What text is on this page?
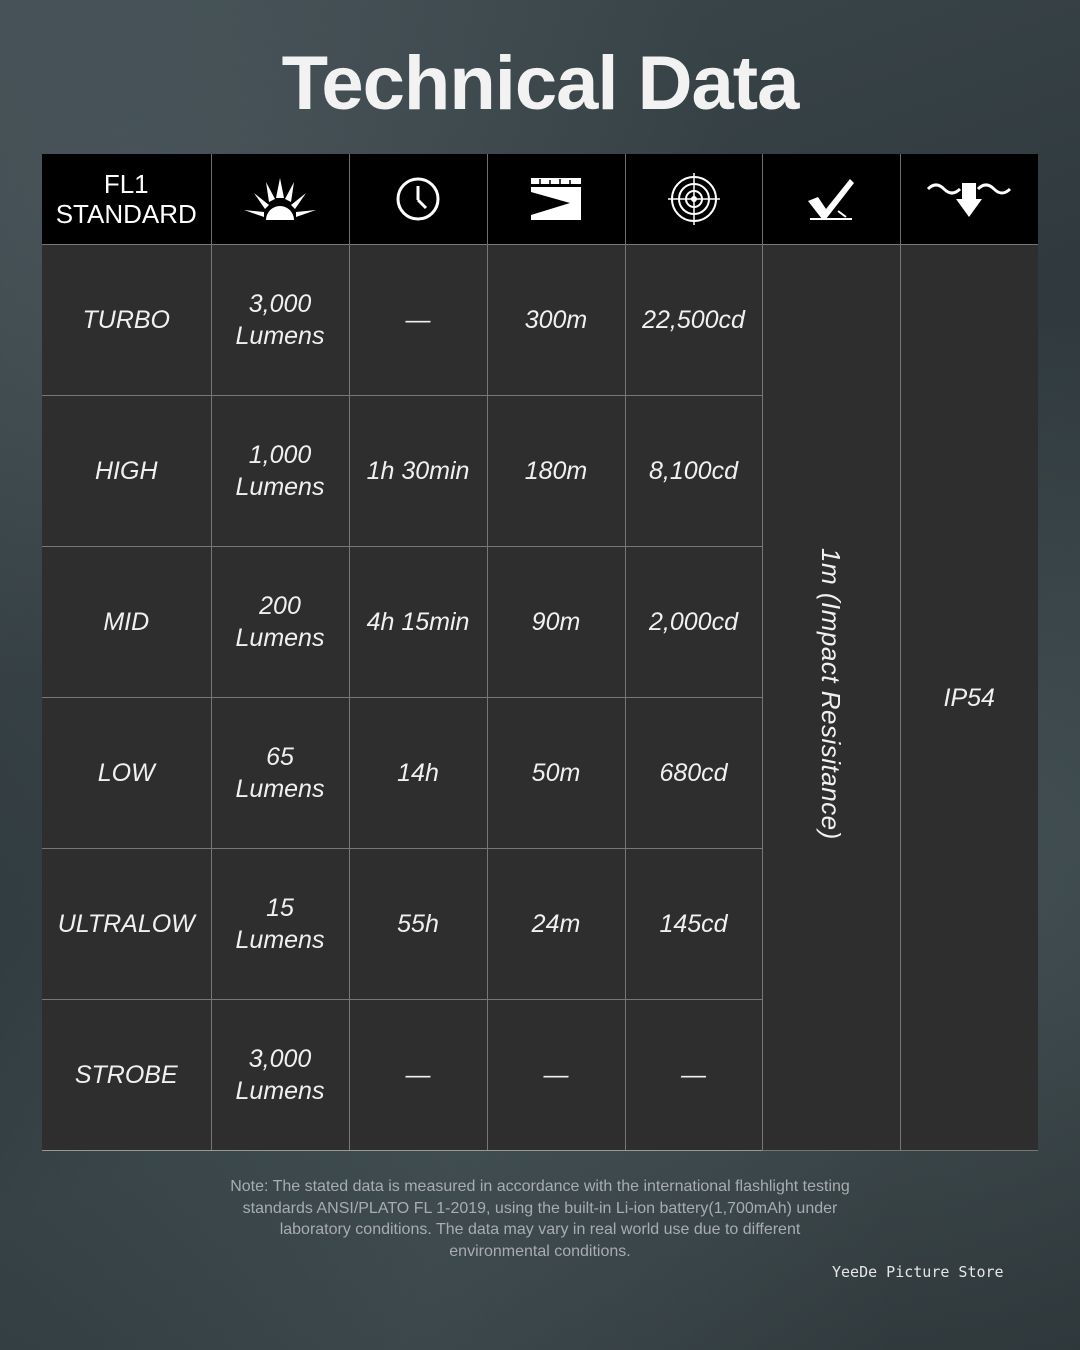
Technical Data
FL1
STANDARD

TURBO	3,000
Lumens	—	300m	22,500cd	1m (Impact Resisitance)	IP54
HIGH	1,000
Lumens	1h 30min	180m	8,100cd		
MID	200
Lumens	4h 15min	90m	2,000cd		
LOW	65
Lumens	14h	50m	680cd		
ULTRALOW	15
Lumens	55h	24m	145cd		
STROBE	3,000
Lumens	—	—	—		
Note: The stated data is measured in accordance with the international flashlight testing standards ANSI/PLATO FL 1-2019, using the built-in Li-ion battery(1,700mAh) under laboratory conditions. The data may vary in real world use due to different environmental conditions.
YeeDe Picture Store
